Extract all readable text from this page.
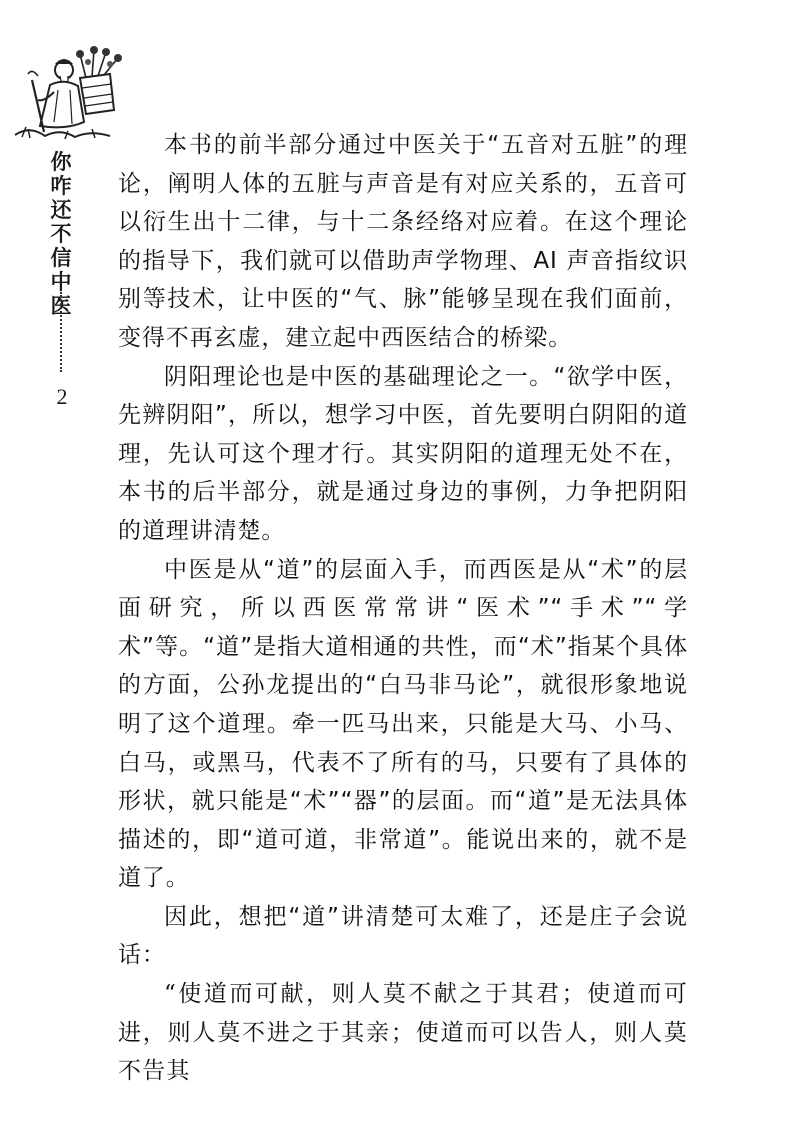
你
咋
还
不
信
中
医
2

本书的前半部分通过中医关于“五音对五脏”的理论，阐明人体的五脏与声音是有对应关系的，五音可以衍生出十二律，与十二条经络对应着。在这个理论的指导下，我们就可以借助声学物理、AI 声音指纹识别等技术，让中医的“气、脉”能够呈现在我们面前，变得不再玄虚，建立起中西医结合的桥梁。

阴阳理论也是中医的基础理论之一。“欲学中医，先辨阴阳”，所以，想学习中医，首先要明白阴阳的道理，先认可这个理才行。其实阴阳的道理无处不在，本书的后半部分，就是通过身边的事例，力争把阴阳的道理讲清楚。

中医是从“道”的层面入手，而西医是从“术”的层面研究，所以西医常常讲“医术”“手术”“学术”等。“道”是指大道相通的共性，而“术”指某个具体的方面，公孙龙提出的“白马非马论”，就很形象地说明了这个道理。牵一匹马出来，只能是大马、小马、白马，或黑马，代表不了所有的马，只要有了具体的形状，就只能是“术”“器”的层面。而“道”是无法具体描述的，即“道可道，非常道”。能说出来的，就不是道了。

因此，想把“道”讲清楚可太难了，还是庄子会说话：

“使道而可献，则人莫不献之于其君；使道而可进，则人莫不进之于其亲；使道而可以告人，则人莫不告其
